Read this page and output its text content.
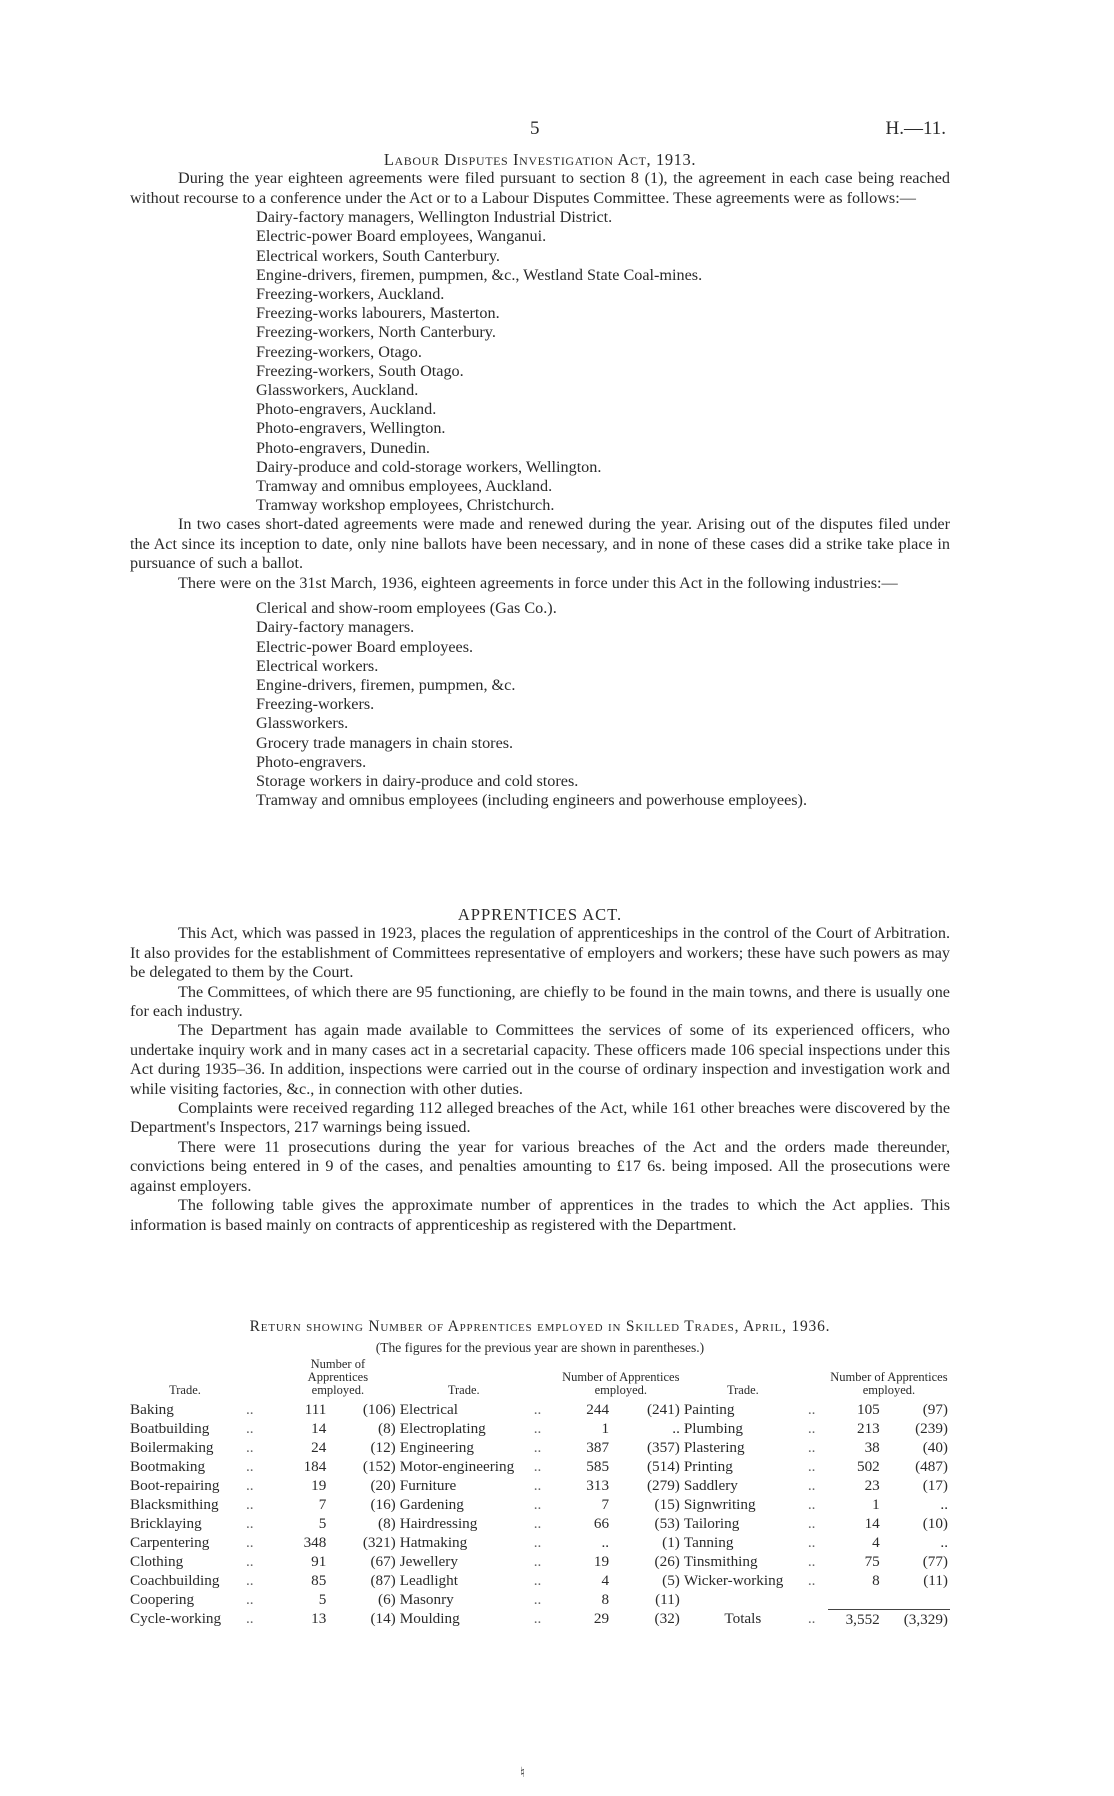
5	H.—11.
Labour Disputes Investigation Act, 1913.

During the year eighteen agreements were filed pursuant to section 8 (1), the agreement in each case being reached without recourse to a conference under the Act or to a Labour Disputes Committee. These agreements were as follows:—

Dairy-factory managers, Wellington Industrial District.
Electric-power Board employees, Wanganui.
Electrical workers, South Canterbury.
Engine-drivers, firemen, pumpmen, &c., Westland State Coal-mines.
Freezing-workers, Auckland.
Freezing-works labourers, Masterton.
Freezing-workers, North Canterbury.
Freezing-workers, Otago.
Freezing-workers, South Otago.
Glassworkers, Auckland.
Photo-engravers, Auckland.
Photo-engravers, Wellington.
Photo-engravers, Dunedin.
Dairy-produce and cold-storage workers, Wellington.
Tramway and omnibus employees, Auckland.
Tramway workshop employees, Christchurch.

In two cases short-dated agreements were made and renewed during the year. Arising out of the disputes filed under the Act since its inception to date, only nine ballots have been necessary, and in none of these cases did a strike take place in pursuance of such a ballot.

There were on the 31st March, 1936, eighteen agreements in force under this Act in the following industries:—

Clerical and show-room employees (Gas Co.).
Dairy-factory managers.
Electric-power Board employees.
Electrical workers.
Engine-drivers, firemen, pumpmen, &c.
Freezing-workers.
Glassworkers.
Grocery trade managers in chain stores.
Photo-engravers.
Storage workers in dairy-produce and cold stores.
Tramway and omnibus employees (including engineers and powerhouse employees).
APPRENTICES ACT.

This Act, which was passed in 1923, places the regulation of apprenticeships in the control of the Court of Arbitration. It also provides for the establishment of Committees representative of employers and workers; these have such powers as may be delegated to them by the Court.

The Committees, of which there are 95 functioning, are chiefly to be found in the main towns, and there is usually one for each industry.

The Department has again made available to Committees the services of some of its experienced officers, who undertake inquiry work and in many cases act in a secretarial capacity. These officers made 106 special inspections under this Act during 1935–36. In addition, inspections were carried out in the course of ordinary inspection and investigation work and while visiting factories, &c., in connection with other duties.

Complaints were received regarding 112 alleged breaches of the Act, while 161 other breaches were discovered by the Department's Inspectors, 217 warnings being issued.

There were 11 prosecutions during the year for various breaches of the Act and the orders made thereunder, convictions being entered in 9 of the cases, and penalties amounting to £17 6s. being imposed. All the prosecutions were against employers.

The following table gives the approximate number of apprentices in the trades to which the Act applies. This information is based mainly on contracts of apprenticeship as registered with the Department.

Return showing Number of Apprentices employed in Skilled Trades, April, 1936.
(The figures for the previous year are shown in parentheses.)
Trade.		Number of Apprentices employed.		Trade.		Number of Apprentices employed.		Trade.		Number of Apprentices employed.	
Baking	..	111	(106)	Electrical	..	244	(241)	Painting	..	105	(97)
Boatbuilding	..	14	(8)	Electroplating	..	1	..	Plumbing	..	213	(239)
Boilermaking	..	24	(12)	Engineering	..	387	(357)	Plastering	..	38	(40)
Bootmaking	..	184	(152)	Motor-engineering	..	585	(514)	Printing	..	502	(487)
Boot-repairing	..	19	(20)	Furniture	..	313	(279)	Saddlery	..	23	(17)
Blacksmithing	..	7	(16)	Gardening	..	7	(15)	Signwriting	..	1	..
Bricklaying	..	5	(8)	Hairdressing	..	66	(53)	Tailoring	..	14	(10)
Carpentering	..	348	(321)	Hatmaking	..	..	(1)	Tanning	..	4	..
Clothing	..	91	(67)	Jewellery	..	19	(26)	Tinsmithing	..	75	(77)
Coachbuilding	..	85	(87)	Leadlight	..	4	(5)	Wicker-working	..	8	(11)
Coopering	..	5	(6)	Masonry	..	8	(11)				
Cycle-working	..	13	(14)	Moulding	..	29	(32)	Totals	..	3,552	(3,329)
♮
